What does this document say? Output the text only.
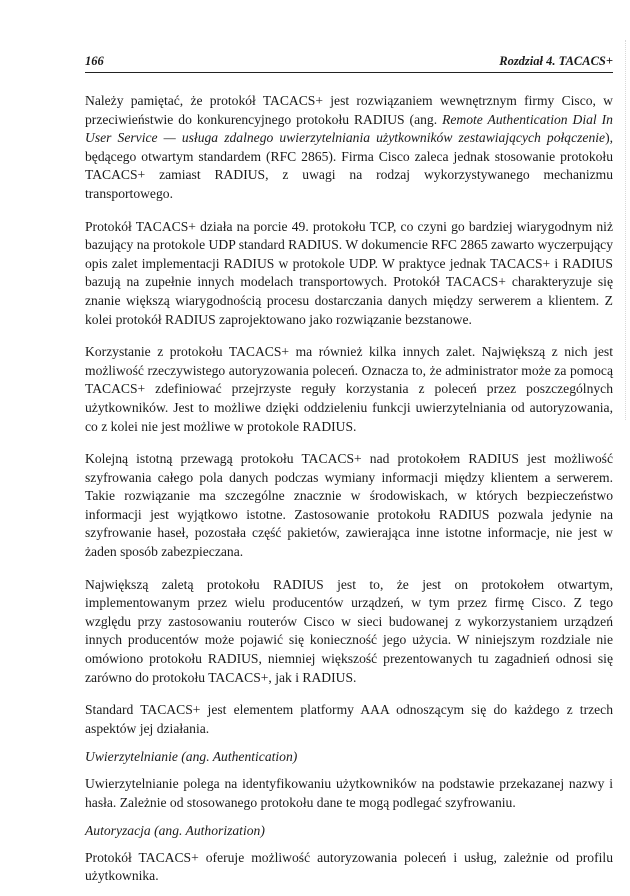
166	Rozdział 4. TACACS+

Należy pamiętać, że protokół TACACS+ jest rozwiązaniem wewnętrznym firmy Cisco, w przeciwieństwie do konkurencyjnego protokołu RADIUS (ang. Remote Authentication Dial In User Service — usługa zdalnego uwierzytelniania użytkowników zestawiających połączenie), będącego otwartym standardem (RFC 2865). Firma Cisco zaleca jednak stosowanie protokołu TACACS+ zamiast RADIUS, z uwagi na rodzaj wykorzystywanego mechanizmu transportowego.

Protokół TACACS+ działa na porcie 49. protokołu TCP, co czyni go bardziej wiarygodnym niż bazujący na protokole UDP standard RADIUS. W dokumencie RFC 2865 zawarto wyczerpujący opis zalet implementacji RADIUS w protokole UDP. W praktyce jednak TACACS+ i RADIUS bazują na zupełnie innych modelach transportowych. Protokół TACACS+ charakteryzuje się znanie większą wiarygodnością procesu dostarczania danych między serwerem a klientem. Z kolei protokół RADIUS zaprojektowano jako rozwiązanie bezstanowe.

Korzystanie z protokołu TACACS+ ma również kilka innych zalet. Największą z nich jest możliwość rzeczywistego autoryzowania poleceń. Oznacza to, że administrator może za pomocą TACACS+ zdefiniować przejrzyste reguły korzystania z poleceń przez poszczególnych użytkowników. Jest to możliwe dzięki oddzieleniu funkcji uwierzytelniania od autoryzowania, co z kolei nie jest możliwe w protokole RADIUS.

Kolejną istotną przewagą protokołu TACACS+ nad protokołem RADIUS jest możliwość szyfrowania całego pola danych podczas wymiany informacji między klientem a serwerem. Takie rozwiązanie ma szczególne znacznie w środowiskach, w których bezpieczeństwo informacji jest wyjątkowo istotne. Zastosowanie protokołu RADIUS pozwala jedynie na szyfrowanie haseł, pozostała część pakietów, zawierająca inne istotne informacje, nie jest w żaden sposób zabezpieczana.

Największą zaletą protokołu RADIUS jest to, że jest on protokołem otwartym, implementowanym przez wielu producentów urządzeń, w tym przez firmę Cisco. Z tego względu przy zastosowaniu routerów Cisco w sieci budowanej z wykorzystaniem urządzeń innych producentów może pojawić się konieczność jego użycia. W niniejszym rozdziale nie omówiono protokołu RADIUS, niemniej większość prezentowanych tu zagadnień odnosi się zarówno do protokołu TACACS+, jak i RADIUS.

Standard TACACS+ jest elementem platformy AAA odnoszącym się do każdego z trzech aspektów jej działania.

Uwierzytelnianie (ang. Authentication)

Uwierzytelnianie polega na identyfikowaniu użytkowników na podstawie przekazanej nazwy i hasła. Zależnie od stosowanego protokołu dane te mogą podlegać szyfrowaniu.

Autoryzacja (ang. Authorization)

Protokół TACACS+ oferuje możliwość autoryzowania poleceń i usług, zależnie od profilu użytkownika.
